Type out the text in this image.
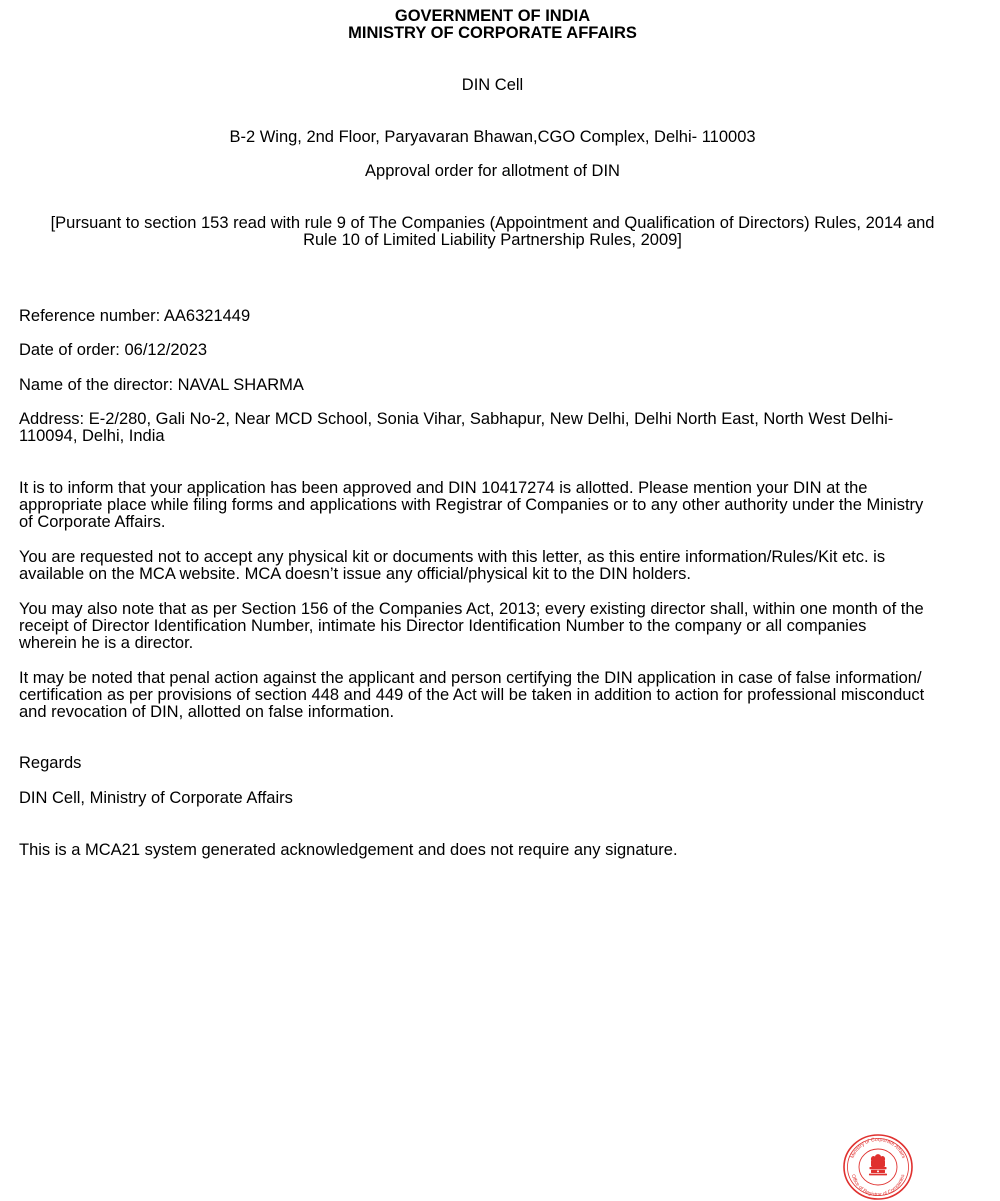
GOVERNMENT OF INDIA
MINISTRY OF CORPORATE AFFAIRS
DIN Cell
B-2 Wing, 2nd Floor, Paryavaran Bhawan,CGO Complex, Delhi- 110003
Approval order for allotment of DIN
[Pursuant to section 153 read with rule 9 of The Companies (Appointment and Qualification of Directors) Rules, 2014 and
Rule 10 of Limited Liability Partnership Rules, 2009]
Reference number: AA6321449
Date of order: 06/12/2023
Name of the director: NAVAL SHARMA
Address: E-2/280, Gali No-2, Near MCD School, Sonia Vihar, Sabhapur, New Delhi, Delhi North East, North West Delhi-
110094, Delhi, India
It is to inform that your application has been approved and DIN 10417274 is allotted. Please mention your DIN at the
appropriate place while filing forms and applications with Registrar of Companies or to any other authority under the Ministry
of Corporate Affairs.
You are requested not to accept any physical kit or documents with this letter, as this entire information/Rules/Kit etc. is
available on the MCA website. MCA doesn’t issue any official/physical kit to the DIN holders.
You may also note that as per Section 156 of the Companies Act, 2013; every existing director shall, within one month of the
receipt of Director Identification Number, intimate his Director Identification Number to the company or all companies
wherein he is a director.
It may be noted that penal action against the applicant and person certifying the DIN application in case of false information/
certification as per provisions of section 448 and 449 of the Act will be taken in addition to action for professional misconduct
and revocation of DIN, allotted on false information.
Regards
DIN Cell, Ministry of Corporate Affairs
This is a MCA21 system generated acknowledgement and does not require any signature.
Ministry of Corporate Affairs
Office of Registrar of Companies
